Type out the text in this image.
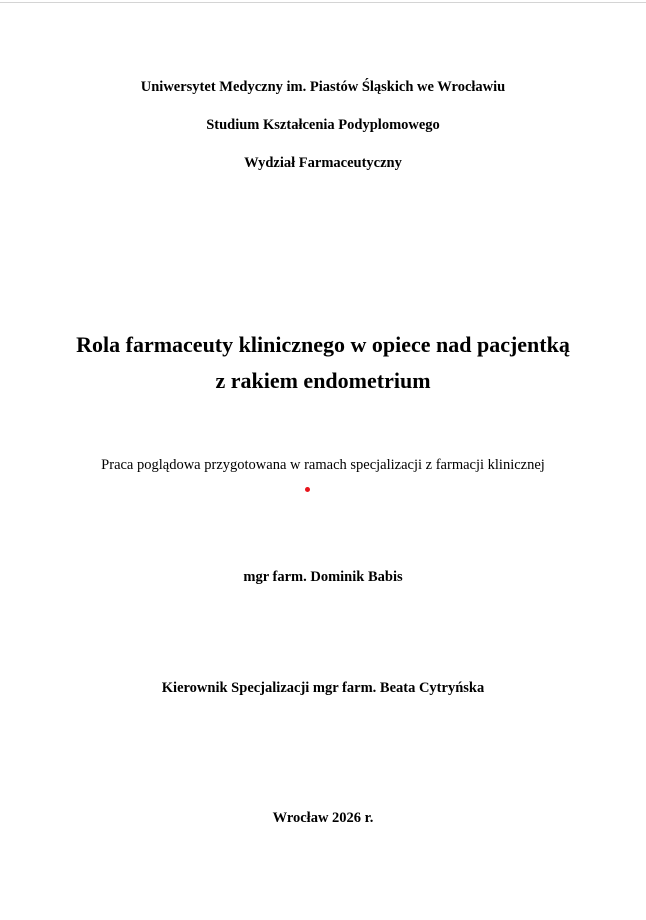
Uniwersytet Medyczny im. Piastów Śląskich we Wrocławiu
Studium Kształcenia Podyplomowego
Wydział Farmaceutyczny
Rola farmaceuty klinicznego w opiece nad pacjentką
z rakiem endometrium
Praca poglądowa przygotowana w ramach specjalizacji z farmacji klinicznej
mgr farm. Dominik Babis
Kierownik Specjalizacji mgr farm. Beata Cytryńska
Wrocław 2026 r.
